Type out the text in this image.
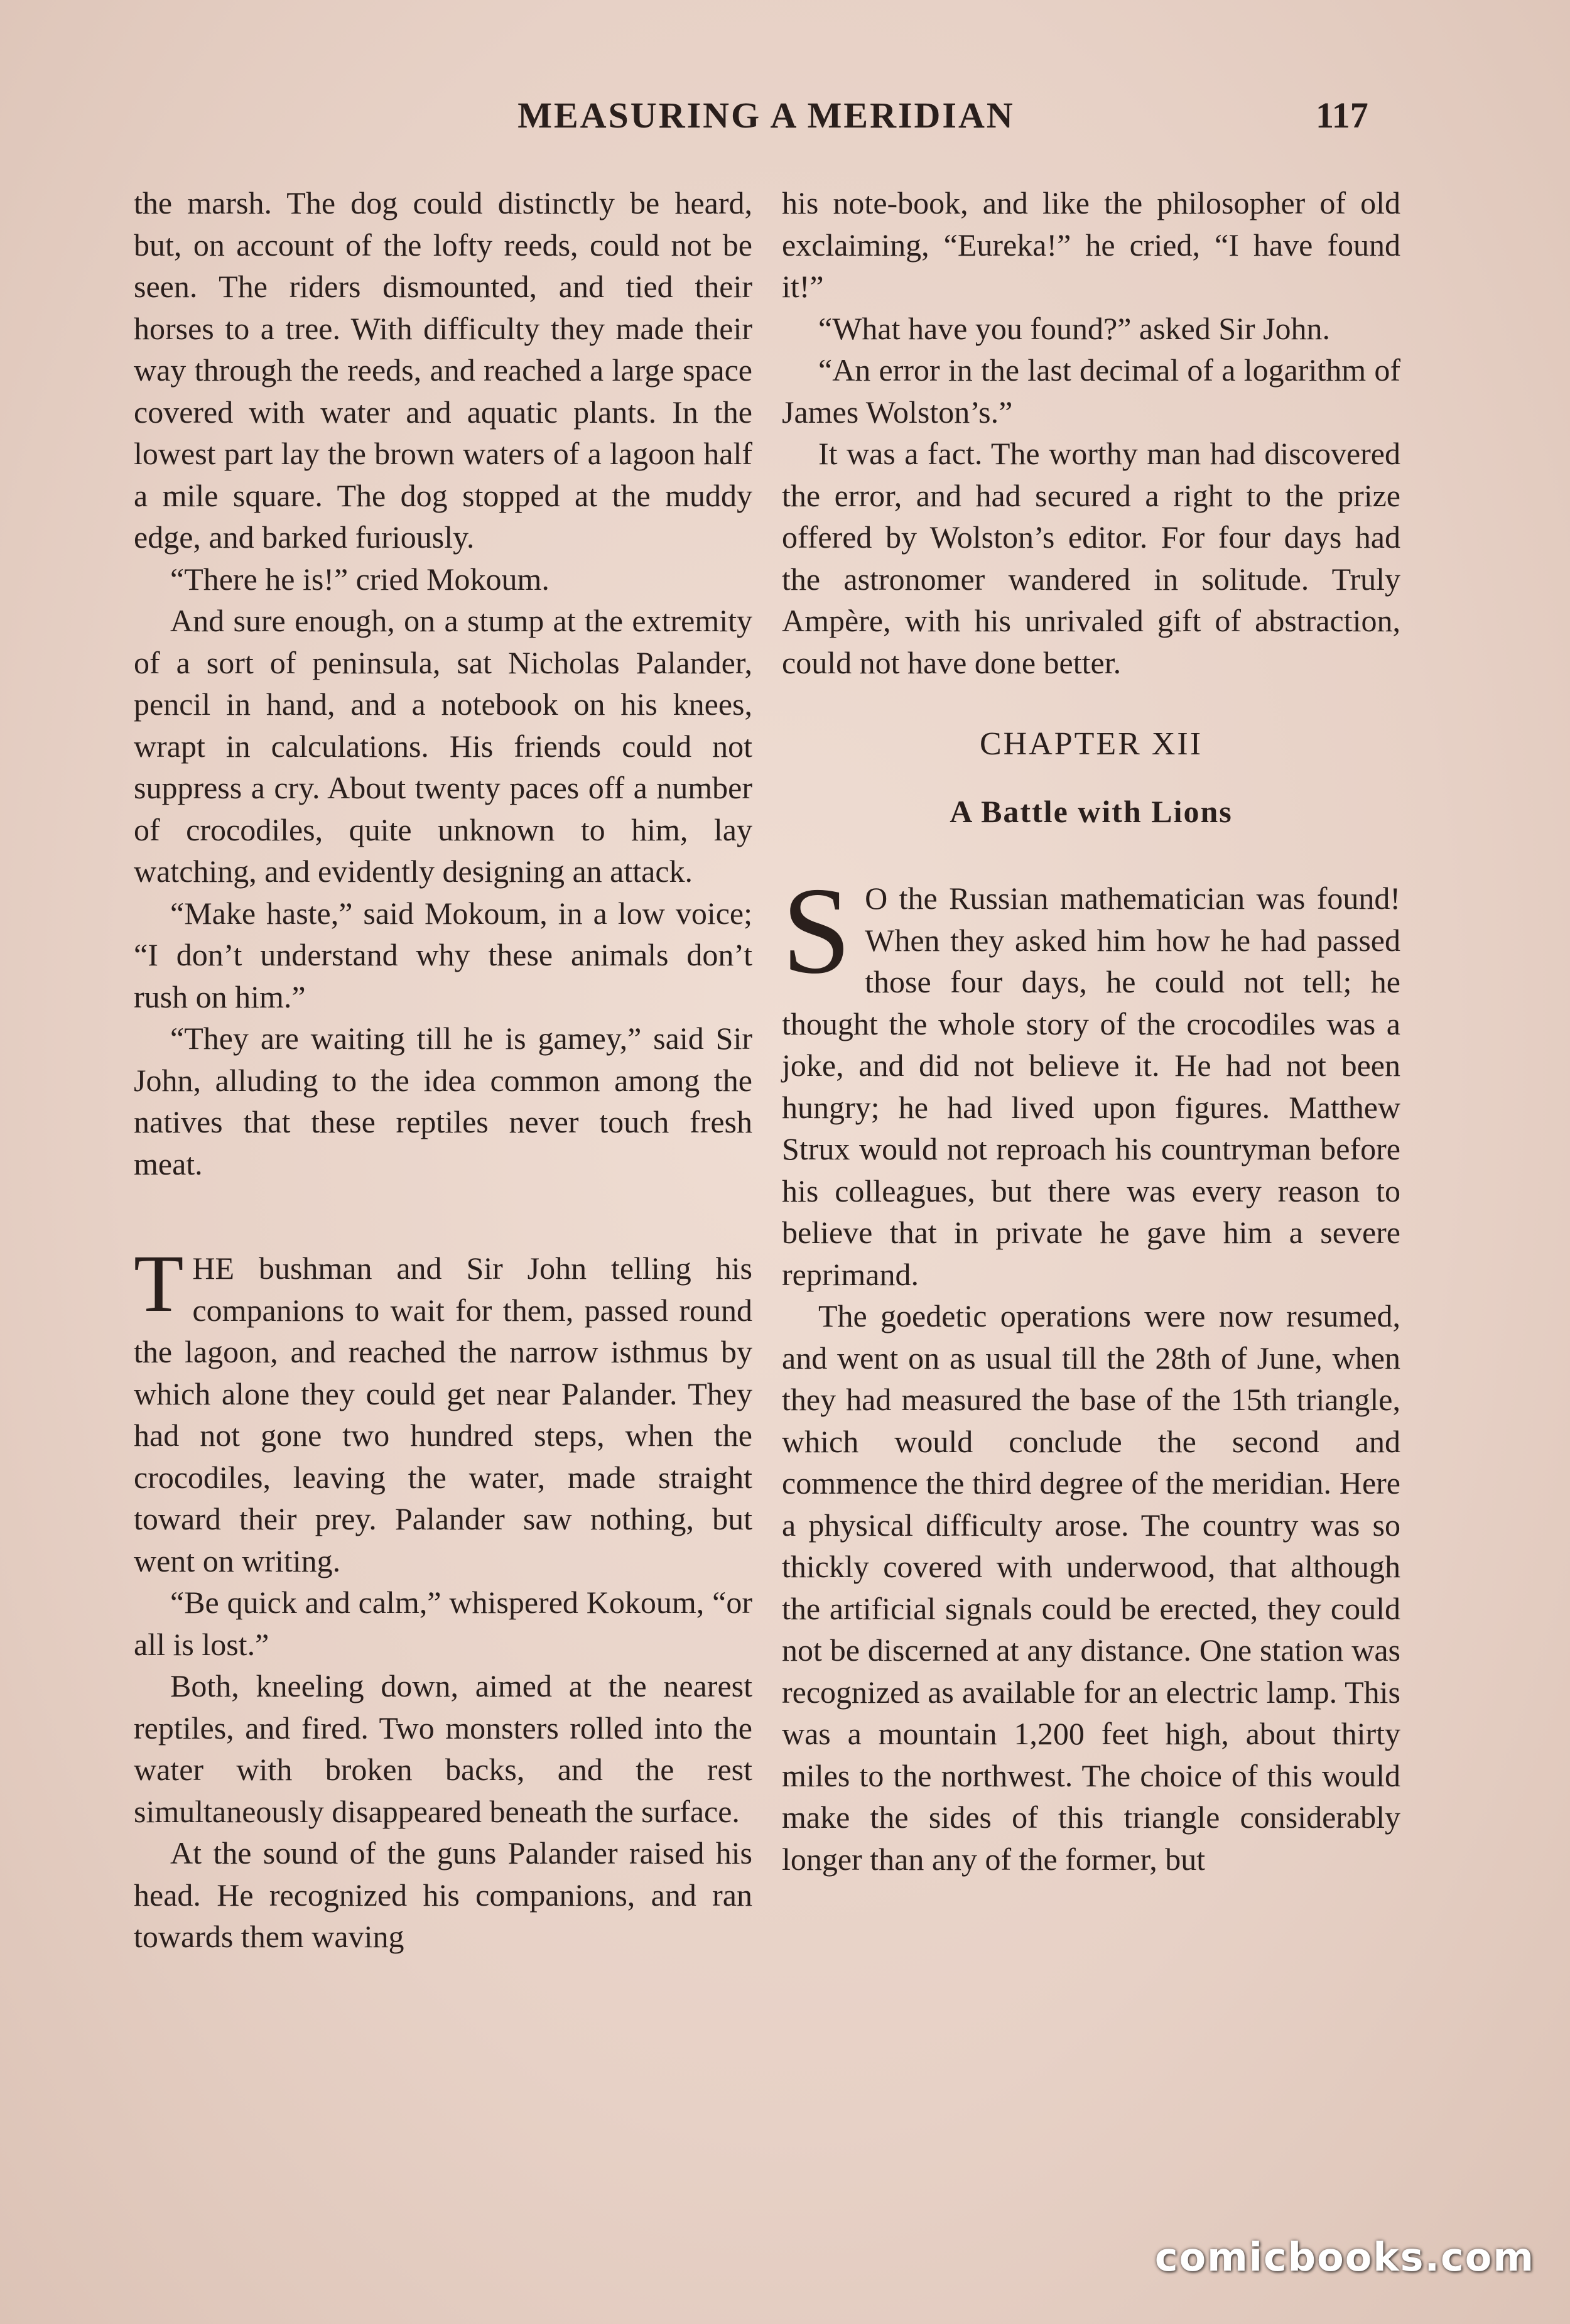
MEASURING A MERIDIAN	117

the marsh. The dog could distinctly be heard, but, on account of the lofty reeds, could not be seen. The riders dismounted, and tied their horses to a tree. With difficulty they made their way through the reeds, and reached a large space covered with water and aquatic plants. In the lowest part lay the brown waters of a lagoon half a mile square. The dog stopped at the muddy edge, and barked furiously.

“There he is!” cried Mokoum.

And sure enough, on a stump at the extremity of a sort of peninsula, sat Nicholas Palander, pencil in hand, and a notebook on his knees, wrapt in calculations. His friends could not suppress a cry. About twenty paces off a number of crocodiles, quite unknown to him, lay watching, and evidently designing an attack.

“Make haste,” said Mokoum, in a low voice; “I don’t understand why these animals don’t rush on him.”

“They are waiting till he is gamey,” said Sir John, alluding to the idea common among the natives that these reptiles never touch fresh meat.

THE bushman and Sir John telling his companions to wait for them, passed round the lagoon, and reached the narrow isthmus by which alone they could get near Palander. They had not gone two hundred steps, when the crocodiles, leaving the water, made straight toward their prey. Palander saw nothing, but went on writing.

“Be quick and calm,” whispered Kokoum, “or all is lost.”

Both, kneeling down, aimed at the nearest reptiles, and fired. Two monsters rolled into the water with broken backs, and the rest simultaneously disappeared beneath the surface.

At the sound of the guns Palander raised his head. He recognized his companions, and ran towards them waving

his note-book, and like the philosopher of old exclaiming, “Eureka!” he cried, “I have found it!”

“What have you found?” asked Sir John.

“An error in the last decimal of a logarithm of James Wolston’s.”

It was a fact. The worthy man had discovered the error, and had secured a right to the prize offered by Wolston’s editor. For four days had the astronomer wandered in solitude. Truly Ampère, with his unrivaled gift of abstraction, could not have done better.

CHAPTER XII
A Battle with Lions

S O the Russian mathematician was found! When they asked him how he had passed those four days, he could not tell; he thought the whole story of the crocodiles was a joke, and did not believe it. He had not been hungry; he had lived upon figures. Matthew Strux would not reproach his countryman before his colleagues, but there was every reason to believe that in private he gave him a severe reprimand.

The goedetic operations were now resumed, and went on as usual till the 28th of June, when they had measured the base of the 15th triangle, which would conclude the second and commence the third degree of the meridian. Here a physical difficulty arose. The country was so thickly covered with underwood, that although the artificial signals could be erected, they could not be discerned at any distance. One station was recognized as available for an electric lamp. This was a mountain 1,200 feet high, about thirty miles to the northwest. The choice of this would make the sides of this triangle considerably longer than any of the former, but

comicbooks.com
